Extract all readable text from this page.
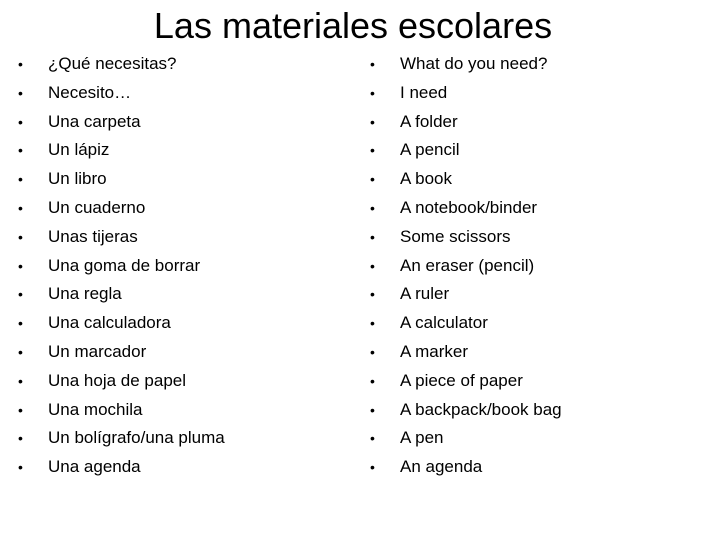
Las materiales escolares
• ¿Qué necesitas?
• Necesito…
• Una carpeta
• Un lápiz
• Un libro
• Un cuaderno
• Unas tijeras
• Una goma de borrar
• Una regla
• Una calculadora
• Un marcador
• Una hoja de papel
• Una mochila
• Un bolígrafo/una pluma
• Una agenda
• What do you need?
• I need
• A folder
• A pencil
• A book
• A notebook/binder
• Some scissors
• An eraser (pencil)
• A ruler
• A calculator
• A marker
• A piece of paper
• A backpack/book bag
• A pen
• An agenda
